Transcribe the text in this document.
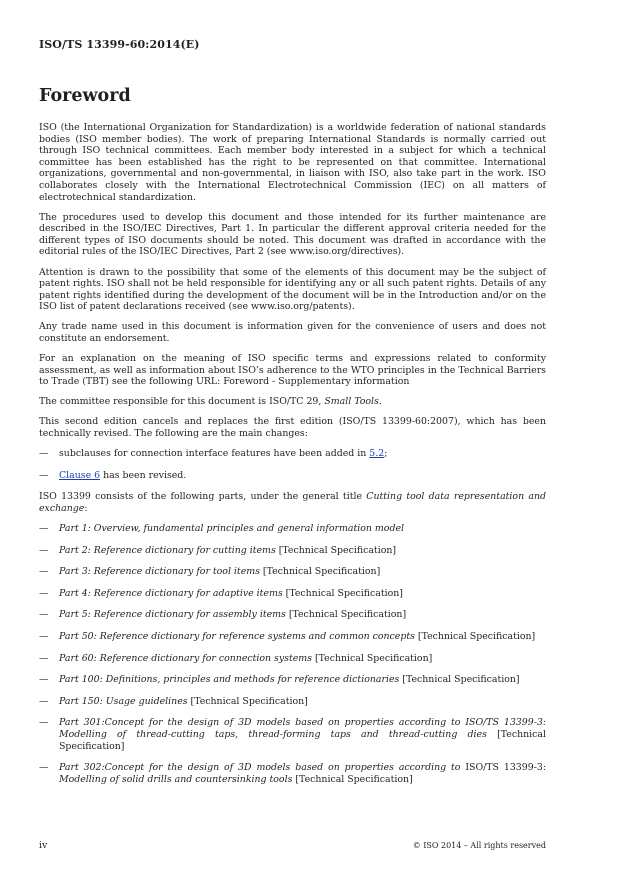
ISO/TS 13399-60:2014(E)
Foreword

ISO (the International Organization for Standardization) is a worldwide federation of national standards bodies (ISO member bodies). The work of preparing International Standards is normally carried out through ISO technical committees. Each member body interested in a subject for which a technical committee has been established has the right to be represented on that committee. International organizations, governmental and non-governmental, in liaison with ISO, also take part in the work. ISO collaborates closely with the International Electrotechnical Commission (IEC) on all matters of electrotechnical standardization.

The procedures used to develop this document and those intended for its further maintenance are described in the ISO/IEC Directives, Part 1. In particular the different approval criteria needed for the different types of ISO documents should be noted. This document was drafted in accordance with the editorial rules of the ISO/IEC Directives, Part 2 (see www.iso.org/directives).

Attention is drawn to the possibility that some of the elements of this document may be the subject of patent rights. ISO shall not be held responsible for identifying any or all such patent rights. Details of any patent rights identified during the development of the document will be in the Introduction and/or on the ISO list of patent declarations received (see www.iso.org/patents).

Any trade name used in this document is information given for the convenience of users and does not constitute an endorsement.

For an explanation on the meaning of ISO specific terms and expressions related to conformity assessment, as well as information about ISO’s adherence to the WTO principles in the Technical Barriers to Trade (TBT) see the following URL: Foreword - Supplementary information

The committee responsible for this document is ISO/TC 29, Small Tools.

This second edition cancels and replaces the first edition (ISO/TS 13399-60:2007), which has been technically revised. The following are the main changes:

—	subclauses for connection interface features have been added in 5.2;
—	Clause 6 has been revised.

ISO 13399 consists of the following parts, under the general title Cutting tool data representation and exchange:

—	Part 1: Overview, fundamental principles and general information model
—	Part 2: Reference dictionary for cutting items [Technical Specification]
—	Part 3: Reference dictionary for tool items [Technical Specification]
—	Part 4: Reference dictionary for adaptive items [Technical Specification]
—	Part 5: Reference dictionary for assembly items [Technical Specification]
—	Part 50: Reference dictionary for reference systems and common concepts [Technical Specification]
—	Part 60: Reference dictionary for connection systems [Technical Specification]
—	Part 100: Definitions, principles and methods for reference dictionaries [Technical Specification]
—	Part 150: Usage guidelines [Technical Specification]
—	Part 301:Concept for the design of 3D models based on properties according to ISO/TS 13399-3: Modelling of thread-cutting taps, thread-forming taps and thread-cutting dies [Technical Specification]
—	Part 302:Concept for the design of 3D models based on properties according to ISO/TS 13399-3: Modelling of solid drills and countersinking tools [Technical Specification]
iv	© ISO 2014 – All rights reserved
